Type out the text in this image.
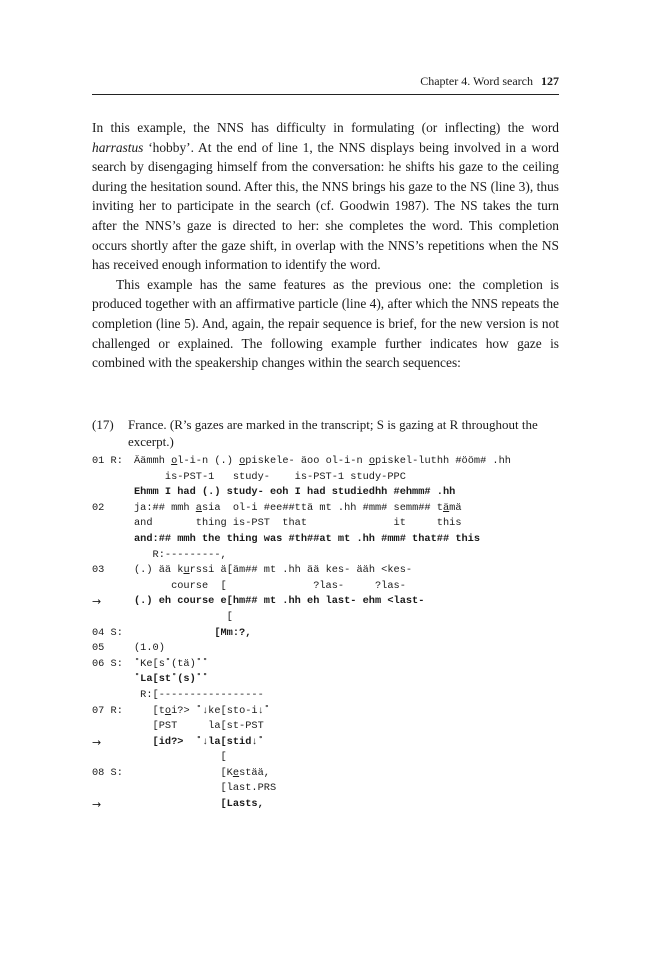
Chapter 4. Word search 127

In this example, the NNS has difficulty in formulating (or inflecting) the word harrastus ‘hobby’. At the end of line 1, the NNS displays being involved in a word search by disengaging himself from the conversation: he shifts his gaze to the ceiling during the hesitation sound. After this, the NNS brings his gaze to the NS (line 3), thus inviting her to participate in the search (cf. Goodwin 1987). The NS takes the turn after the NNS’s gaze is directed to her: she completes the word. This completion occurs shortly after the gaze shift, in overlap with the NNS’s repetitions when the NS has received enough information to identify the word.

This example has the same features as the previous one: the completion is produced together with an affirmative particle (line 4), after which the NNS repeats the completion (line 5). And, again, the repair sequence is brief, for the new version is not challenged or explained. The following example further indicates how gaze is combined with the speakership changes within the search sequences:

(17) France. (R’s gazes are marked in the transcript; S is gazing at R throughout the excerpt.)
01 R: Äämmh ol-i-n (.) opiskele- äoo ol-i-n opiskel-luthh #ööm# .hh
is-PST-1   study-    is-PST-1 study-PPC
Ehmm I had (.) study- eoh I had studiedhh #ehmm# .hh
02	ja:## mmh asia  ol-i #ee##ttä mt .hh #mm# semm## tämä
and       thing is-PST  that              it     this
and:## mmh the thing was #th##at mt .hh #mm# that## this
R:---------,
03	(.) ää kurssi ä[äm## mt .hh ää kes- ääh <kes-
course  [              ?las-     ?las-
→	(.) eh course e[hm## mt .hh eh last- ehm <last-
[
04 S: [Mm:?,
05	(1.0)
06 S: ˚Ke[s˚(tä)˚˚
˚La[st˚(s)˚˚
R:[-----------------
07 R: [toi?> ˚↓ke[sto-i↓˚
[PST     la[st-PST
→	[id?>  ˚↓la[stid↓˚
[
08 S: [Kestää,
[last.PRS
→	[Lasts,
